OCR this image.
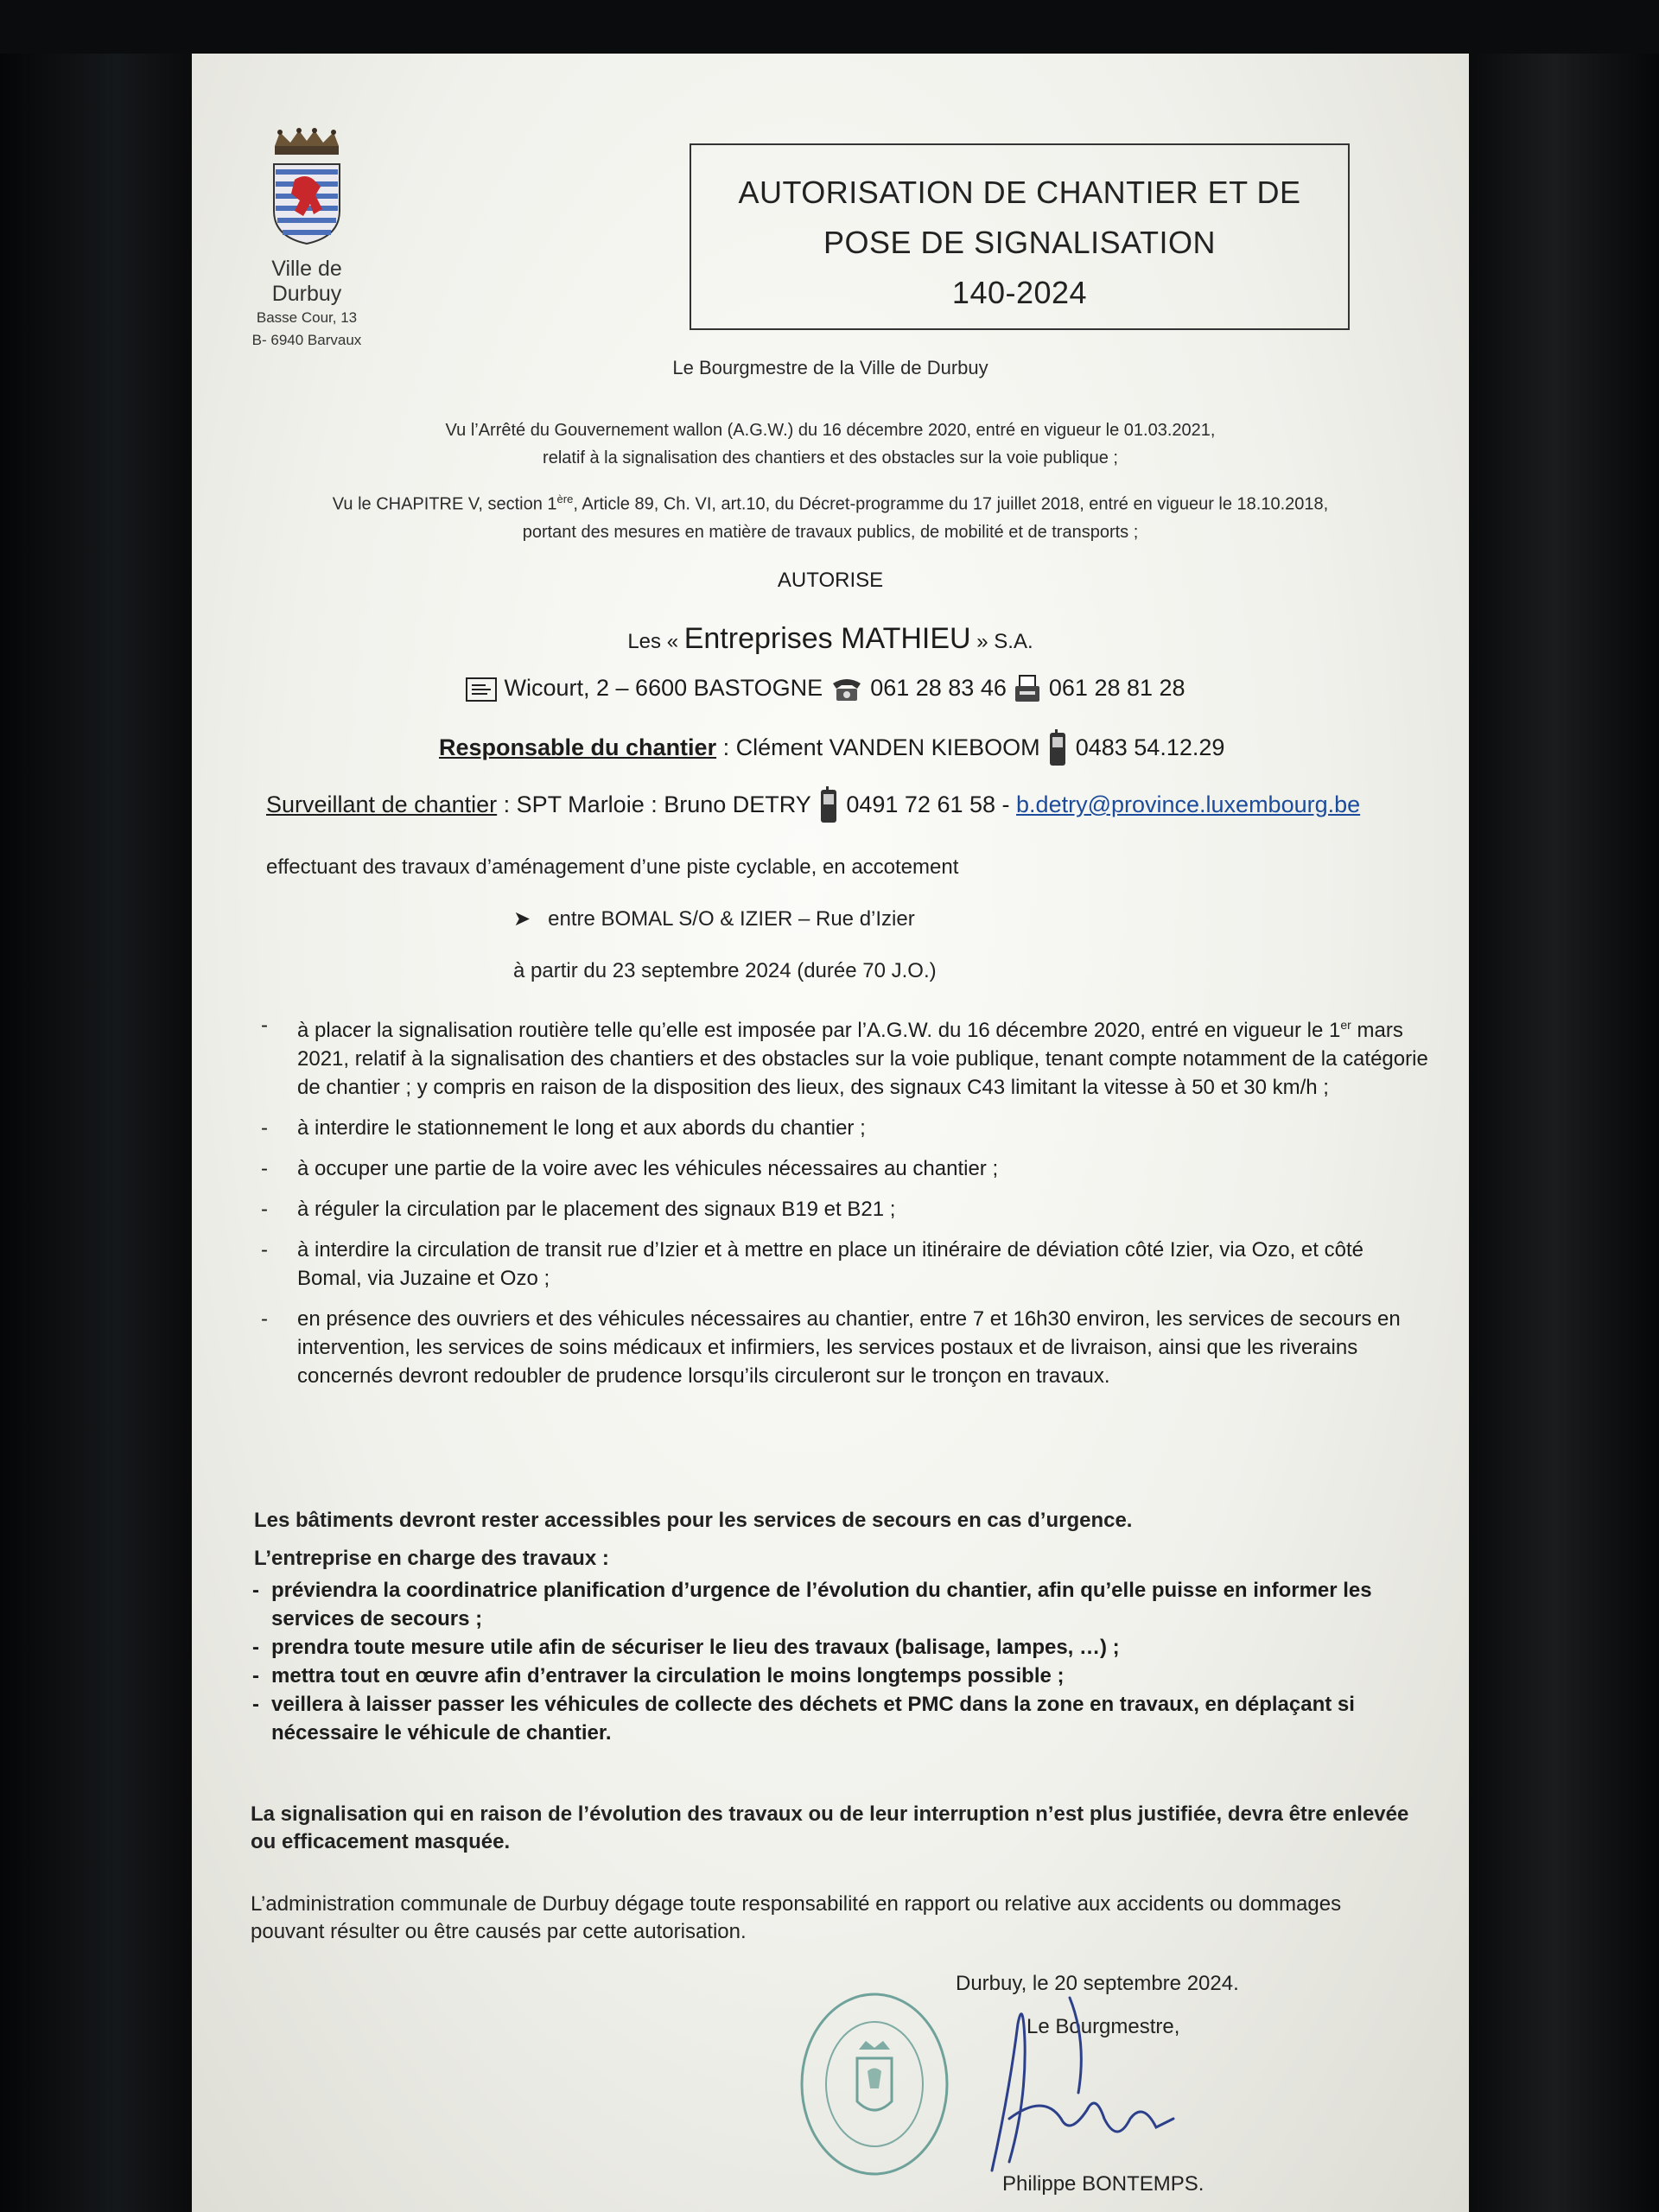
Ville de Durbuy
Basse Cour, 13
B- 6940 Barvaux
AUTORISATION DE CHANTIER ET DE
POSE DE SIGNALISATION
140-2024
Le Bourgmestre de la Ville de Durbuy
Vu l’Arrêté du Gouvernement wallon (A.G.W.) du 16 décembre 2020, entré en vigueur le 01.03.2021,
relatif à la signalisation des chantiers et des obstacles sur la voie publique ;
Vu le CHAPITRE V, section 1ère, Article 89, Ch. VI, art.10, du Décret-programme du 17 juillet 2018, entré en vigueur le 18.10.2018,
portant des mesures en matière de travaux publics, de mobilité et de transports ;
AUTORISE
Les « Entreprises MATHIEU » S.A.
Wicourt, 2 – 6600 BASTOGNE 061 28 83 46 061 28 81 28
Responsable du chantier : Clément VANDEN KIEBOOM 0483 54.12.29
Surveillant de chantier : SPT Marloie : Bruno DETRY 0491 72 61 58 - b.detry@province.luxembourg.be
effectuant des travaux d’aménagement d’une piste cyclable, en accotement
➤ entre BOMAL S/O & IZIER – Rue d’Izier
à partir du 23 septembre 2024 (durée 70 J.O.)
- à placer la signalisation routière telle qu’elle est imposée par l’A.G.W. du 16 décembre 2020, entré en vigueur le 1er mars 2021, relatif à la signalisation des chantiers et des obstacles sur la voie publique, tenant compte notamment de la catégorie de chantier ; y compris en raison de la disposition des lieux, des signaux C43 limitant la vitesse à 50 et 30 km/h ;
- à interdire le stationnement le long et aux abords du chantier ;
- à occuper une partie de la voire avec les véhicules nécessaires au chantier ;
- à réguler la circulation par le placement des signaux B19 et B21 ;
- à interdire la circulation de transit rue d’Izier et à mettre en place un itinéraire de déviation côté Izier, via Ozo, et côté Bomal, via Juzaine et Ozo ;
- en présence des ouvriers et des véhicules nécessaires au chantier, entre 7 et 16h30 environ, les services de secours en intervention, les services de soins médicaux et infirmiers, les services postaux et de livraison, ainsi que les riverains concernés devront redoubler de prudence lorsqu’ils circuleront sur le tronçon en travaux.
Les bâtiments devront rester accessibles pour les services de secours en cas d’urgence.
L’entreprise en charge des travaux :
- préviendra la coordinatrice planification d’urgence de l’évolution du chantier, afin qu’elle puisse en informer les services de secours ;
- prendra toute mesure utile afin de sécuriser le lieu des travaux (balisage, lampes, …) ;
- mettra tout en œuvre afin d’entraver la circulation le moins longtemps possible ;
- veillera à laisser passer les véhicules de collecte des déchets et PMC dans la zone en travaux, en déplaçant si nécessaire le véhicule de chantier.
La signalisation qui en raison de l’évolution des travaux ou de leur interruption n’est plus justifiée, devra être enlevée ou efficacement masquée.
L’administration communale de Durbuy dégage toute responsabilité en rapport ou relative aux accidents ou dommages pouvant résulter ou être causés par cette autorisation.
Durbuy, le 20 septembre 2024.
Le Bourgmestre,
Philippe BONTEMPS.
